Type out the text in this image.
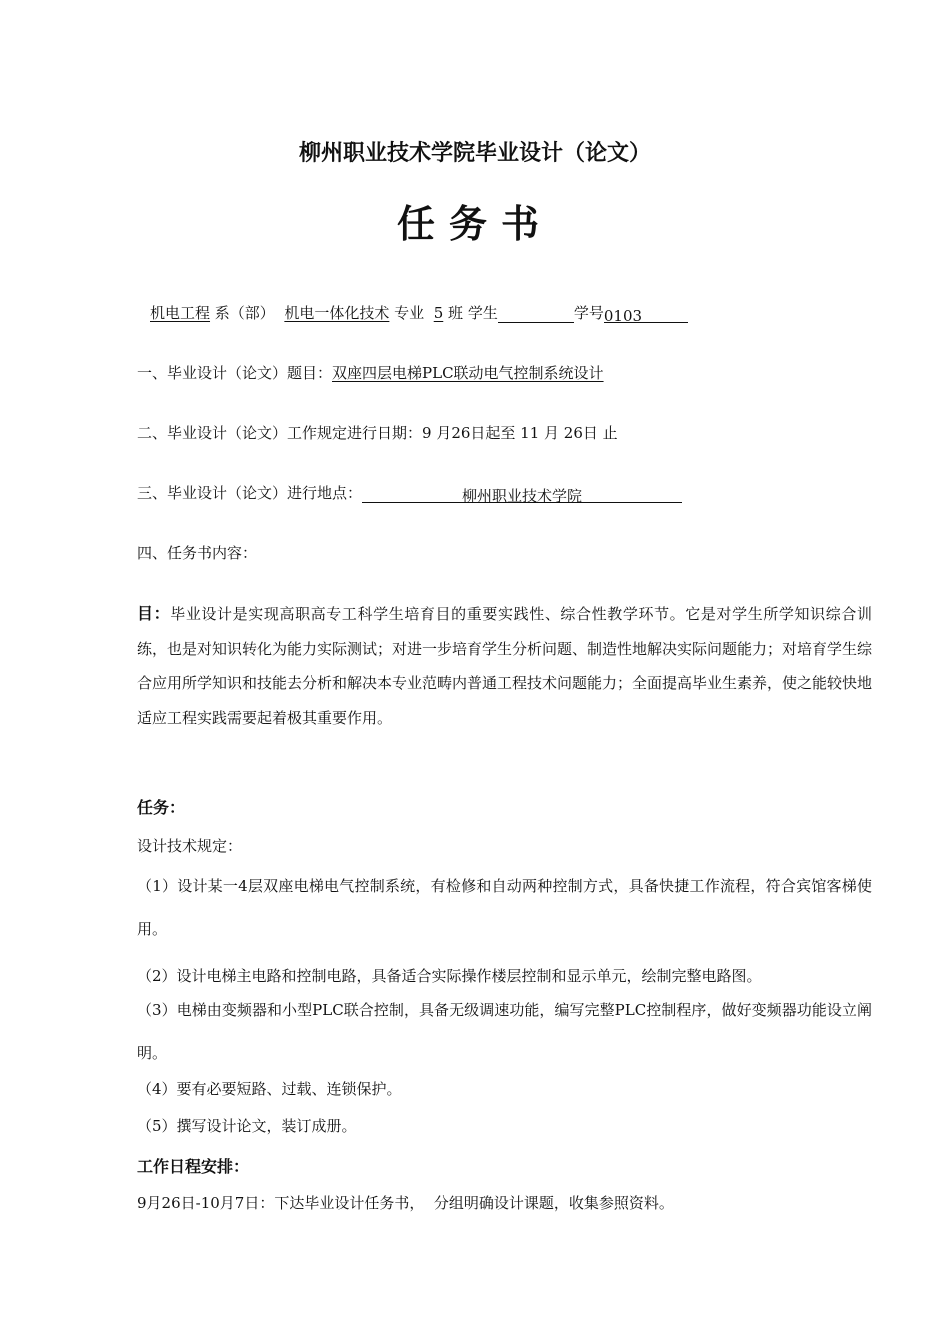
柳州职业技术学院毕业设计（论文）
任务书
机电工程 系（部） 机电一体化技术 专业 5 班 学生	学号0103
一、毕业设计（论文）题目：双座四层电梯PLC联动电气控制系统设计
二、毕业设计（论文）工作规定进行日期：9 月26日起至 11 月 26日 止
三、毕业设计（论文）进行地点：	柳州职业技术学院
四、任务书内容：
目：毕业设计是实现高职高专工科学生培育目的重要实践性、综合性教学环节。它是对学生所学知识综合训练，也是对知识转化为能力实际测试；对进一步培育学生分析问题、制造性地解决实际问题能力；对培育学生综合应用所学知识和技能去分析和解决本专业范畴内普通工程技术问题能力；全面提高毕业生素养，使之能较快地适应工程实践需要起着极其重要作用。
任务：
设计技术规定：
（1）设计某一4层双座电梯电气控制系统，有检修和自动两种控制方式，具备快捷工作流程，符合宾馆客梯使用。
（2）设计电梯主电路和控制电路，具备适合实际操作楼层控制和显示单元，绘制完整电路图。
（3）电梯由变频器和小型PLC联合控制，具备无级调速功能，编写完整PLC控制程序，做好变频器功能设立阐明。
（4）要有必要短路、过载、连锁保护。
（5）撰写设计论文，装订成册。
工作日程安排：
9月26日-10月7日：下达毕业设计任务书，  分组明确设计课题，收集参照资料。
